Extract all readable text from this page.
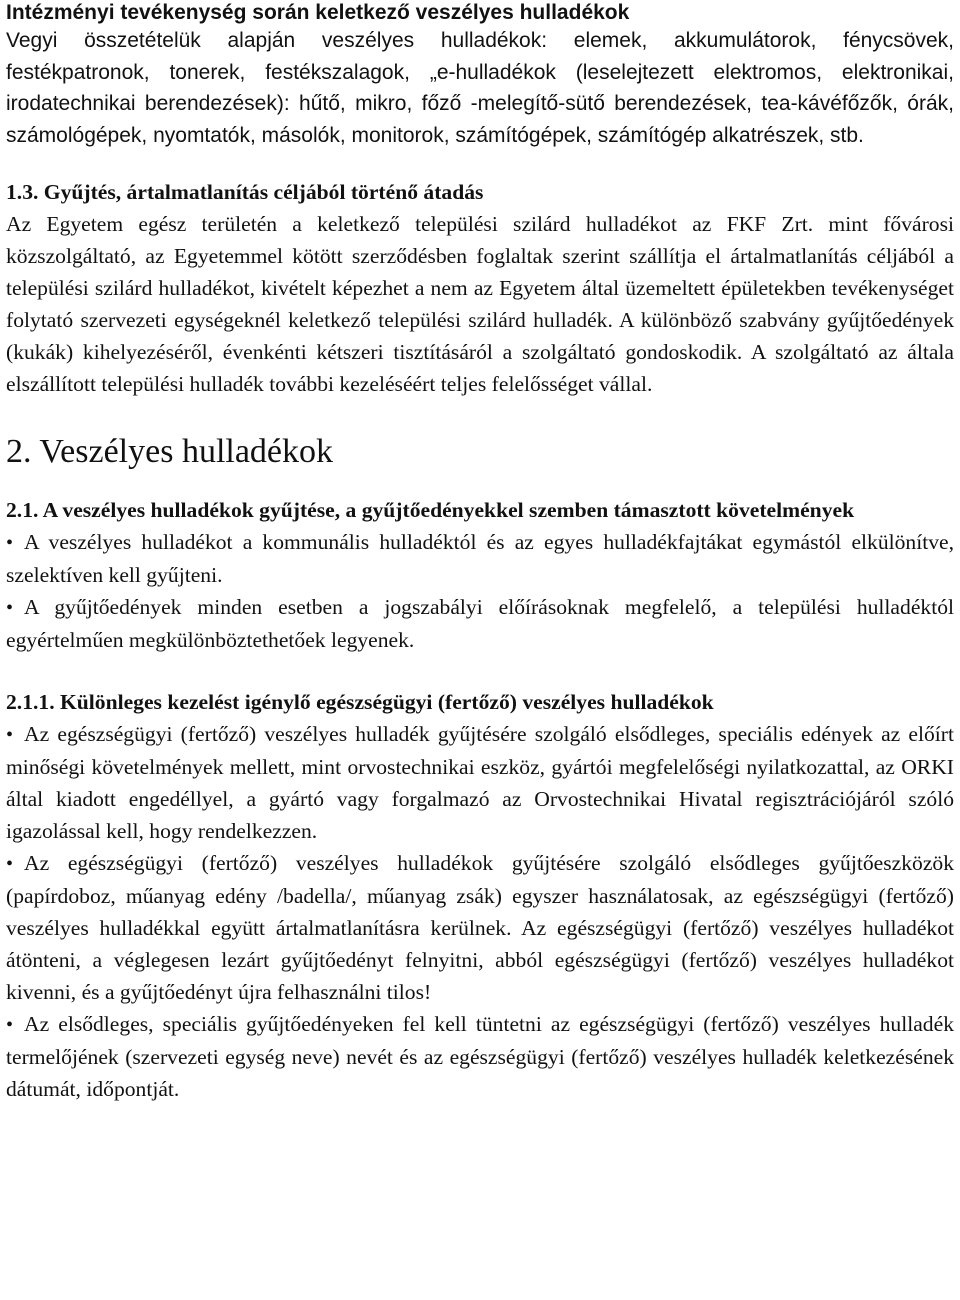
Intézményi tevékenység során keletkező veszélyes hulladékok

Vegyi összetételük alapján veszélyes hulladékok: elemek, akkumulátorok, fénycsövek, festékpatronok, tonerek, festékszalagok, „e-hulladékok (leselejtezett elektromos, elektronikai, irodatechnikai berendezések): hűtő, mikro, főző -melegítő-sütő berendezések, tea-kávéfőzők, órák, számológépek, nyomtatók, másolók, monitorok, számítógépek, számítógép alkatrészek, stb.

1.3. Gyűjtés, ártalmatlanítás céljából történő átadás

Az Egyetem egész területén a keletkező települési szilárd hulladékot az FKF Zrt. mint fővárosi közszolgáltató, az Egyetemmel kötött szerződésben foglaltak szerint szállítja el ártalmatlanítás céljából a települési szilárd hulladékot, kivételt képezhet a nem az Egyetem által üzemeltett épületekben tevékenységet folytató szervezeti egységeknél keletkező települési szilárd hulladék. A különböző szabvány gyűjtőedények (kukák) kihelyezéséről, évenkénti kétszeri tisztításáról a szolgáltató gondoskodik. A szolgáltató az általa elszállított települési hulladék további kezeléséért teljes felelősséget vállal.

2. Veszélyes hulladékok

2.1. A veszélyes hulladékok gyűjtése, a gyűjtőedényekkel szemben támasztott követelmények

• A veszélyes hulladékot a kommunális hulladéktól és az egyes hulladékfajtákat egymástól elkülönítve, szelektíven kell gyűjteni.

• A gyűjtőedények minden esetben a jogszabályi előírásoknak megfelelő, a települési hulladéktól egyértelműen megkülönböztethetőek legyenek.

2.1.1. Különleges kezelést igénylő egészségügyi (fertőző) veszélyes hulladékok

• Az egészségügyi (fertőző) veszélyes hulladék gyűjtésére szolgáló elsődleges, speciális edények az előírt minőségi követelmények mellett, mint orvostechnikai eszköz, gyártói megfelelőségi nyilatkozattal, az ORKI által kiadott engedéllyel, a gyártó vagy forgalmazó az Orvostechnikai Hivatal regisztrációjáról szóló igazolással kell, hogy rendelkezzen.

• Az egészségügyi (fertőző) veszélyes hulladékok gyűjtésére szolgáló elsődleges gyűjtőeszközök (papírdoboz, műanyag edény /badella/, műanyag zsák) egyszer használatosak, az egészségügyi (fertőző) veszélyes hulladékkal együtt ártalmatlanításra kerülnek. Az egészségügyi (fertőző) veszélyes hulladékot átönteni, a véglegesen lezárt gyűjtőedényt felnyitni, abból egészségügyi (fertőző) veszélyes hulladékot kivenni, és a gyűjtőedényt újra felhasználni tilos!

• Az elsődleges, speciális gyűjtőedényeken fel kell tüntetni az egészségügyi (fertőző) veszélyes hulladék termelőjének (szervezeti egység neve) nevét és az egészségügyi (fertőző) veszélyes hulladék keletkezésének dátumát, időpontját.
